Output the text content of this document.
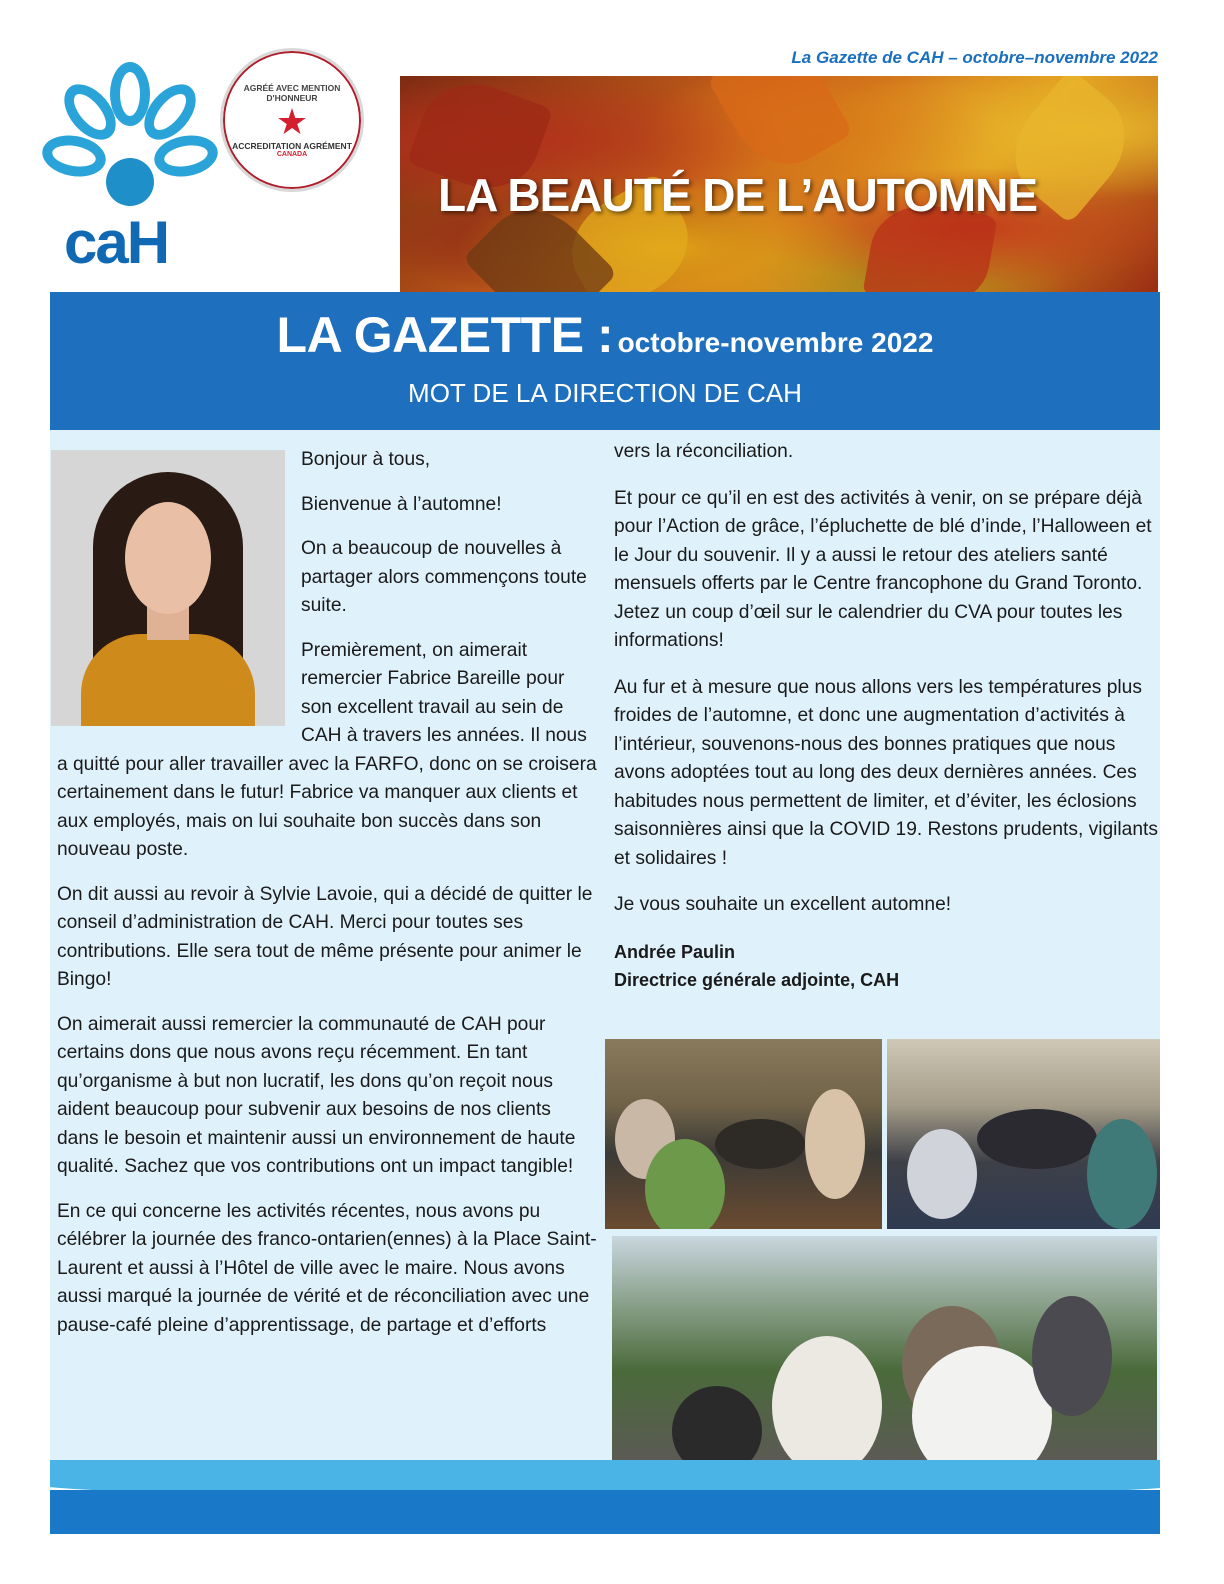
La Gazette de CAH – octobre–novembre 2022
caH
AGRÉÉ AVEC MENTION D'HONNEUR
★
ACCREDITATION AGRÉMENT
CANADA
LA BEAUTÉ DE L’AUTOMNE
LA GAZETTE : octobre-novembre 2022
MOT DE LA DIRECTION DE CAH

Bonjour à tous,

Bienvenue à l’automne!

On a beaucoup de nouvelles à partager alors commençons toute suite.

Premièrement, on aimerait remercier Fabrice Bareille pour son excellent travail au sein de CAH à travers les années. Il nous a quitté pour aller travailler avec la FARFO, donc on se croisera certainement dans le futur! Fabrice va manquer aux clients et aux employés, mais on lui souhaite bon succès dans son nouveau poste.

On dit aussi au revoir à Sylvie Lavoie, qui a décidé de quitter le conseil d’administration de CAH. Merci pour toutes ses contributions. Elle sera tout de même présente pour animer le Bingo!

On aimerait aussi remercier la communauté de CAH pour certains dons que nous avons reçu récemment. En tant qu’organisme à but non lucratif, les dons qu’on reçoit nous aident beaucoup pour subvenir aux besoins de nos clients dans le besoin et maintenir aussi un environnement de haute qualité. Sachez que vos contributions ont un impact tangible!

En ce qui concerne les activités récentes, nous avons pu célébrer la journée des franco-ontarien(ennes) à la Place Saint-Laurent et aussi à l’Hôtel de ville avec le maire. Nous avons aussi marqué la journée de vérité et de réconciliation avec une pause-café pleine d’apprentissage, de partage et d’efforts

vers la réconciliation.

Et pour ce qu’il en est des activités à venir, on se prépare déjà pour l’Action de grâce, l’épluchette de blé d’inde, l’Halloween et le Jour du souvenir. Il y a aussi le retour des ateliers santé mensuels offerts par le Centre francophone du Grand Toronto. Jetez un coup d’œil sur le calendrier du CVA pour toutes les informations!

Au fur et à mesure que nous allons vers les températures plus froides de l’automne, et donc une augmentation d’activités à l’intérieur, souvenons-nous des bonnes pratiques que nous avons adoptées tout au long des deux dernières années. Ces habitudes nous permettent de limiter, et d’éviter, les éclosions saisonnières ainsi que la COVID 19. Restons prudents, vigilants et solidaires !

Je vous souhaite un excellent automne!

Andrée Paulin
Directrice générale adjointe, CAH
